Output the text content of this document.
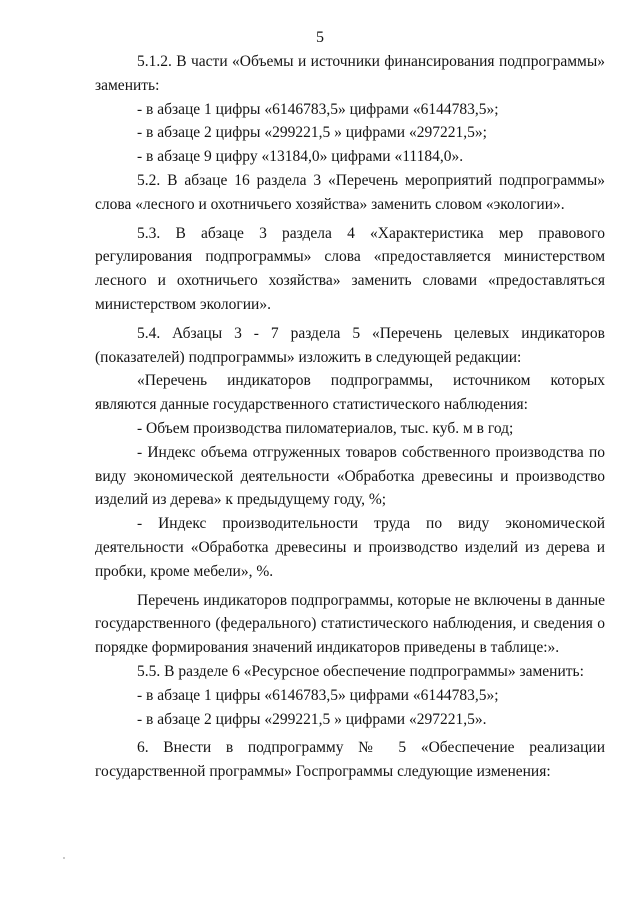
5

5.1.2. В части «Объемы и источники финансирования подпрограммы» заменить:

- в абзаце 1 цифры «6146783,5» цифрами «6144783,5»;

- в абзаце 2 цифры «299221,5 » цифрами «297221,5»;

- в абзаце 9 цифру «13184,0» цифрами «11184,0».

5.2. В абзаце 16 раздела 3 «Перечень мероприятий подпрограммы» слова «лесного и охотничьего хозяйства» заменить словом «экологии».

5.3. В абзаце 3 раздела 4 «Характеристика мер правового регулирования подпрограммы» слова «предоставляется министерством лесного и охотничьего хозяйства» заменить словами «предоставляться министерством экологии».

5.4. Абзацы 3 - 7 раздела 5 «Перечень целевых индикаторов (показателей) подпрограммы» изложить в следующей редакции:

«Перечень индикаторов подпрограммы, источником которых являются данные государственного статистического наблюдения:

- Объем производства пиломатериалов, тыс. куб. м в год;

- Индекс объема отгруженных товаров собственного производства по виду экономической деятельности «Обработка древесины и производство изделий из дерева» к предыдущему году, %;

- Индекс производительности труда по виду экономической деятельности «Обработка древесины и производство изделий из дерева и пробки, кроме мебели», %.

Перечень индикаторов подпрограммы, которые не включены в данные государственного (федерального) статистического наблюдения, и сведения о порядке формирования значений индикаторов приведены в таблице:».

5.5. В разделе 6 «Ресурсное обеспечение подпрограммы» заменить:

- в абзаце 1 цифры «6146783,5» цифрами «6144783,5»;

- в абзаце 2 цифры «299221,5 » цифрами «297221,5».

6. Внести в подпрограмму № 5 «Обеспечение реализации государственной программы» Госпрограммы следующие изменения:
